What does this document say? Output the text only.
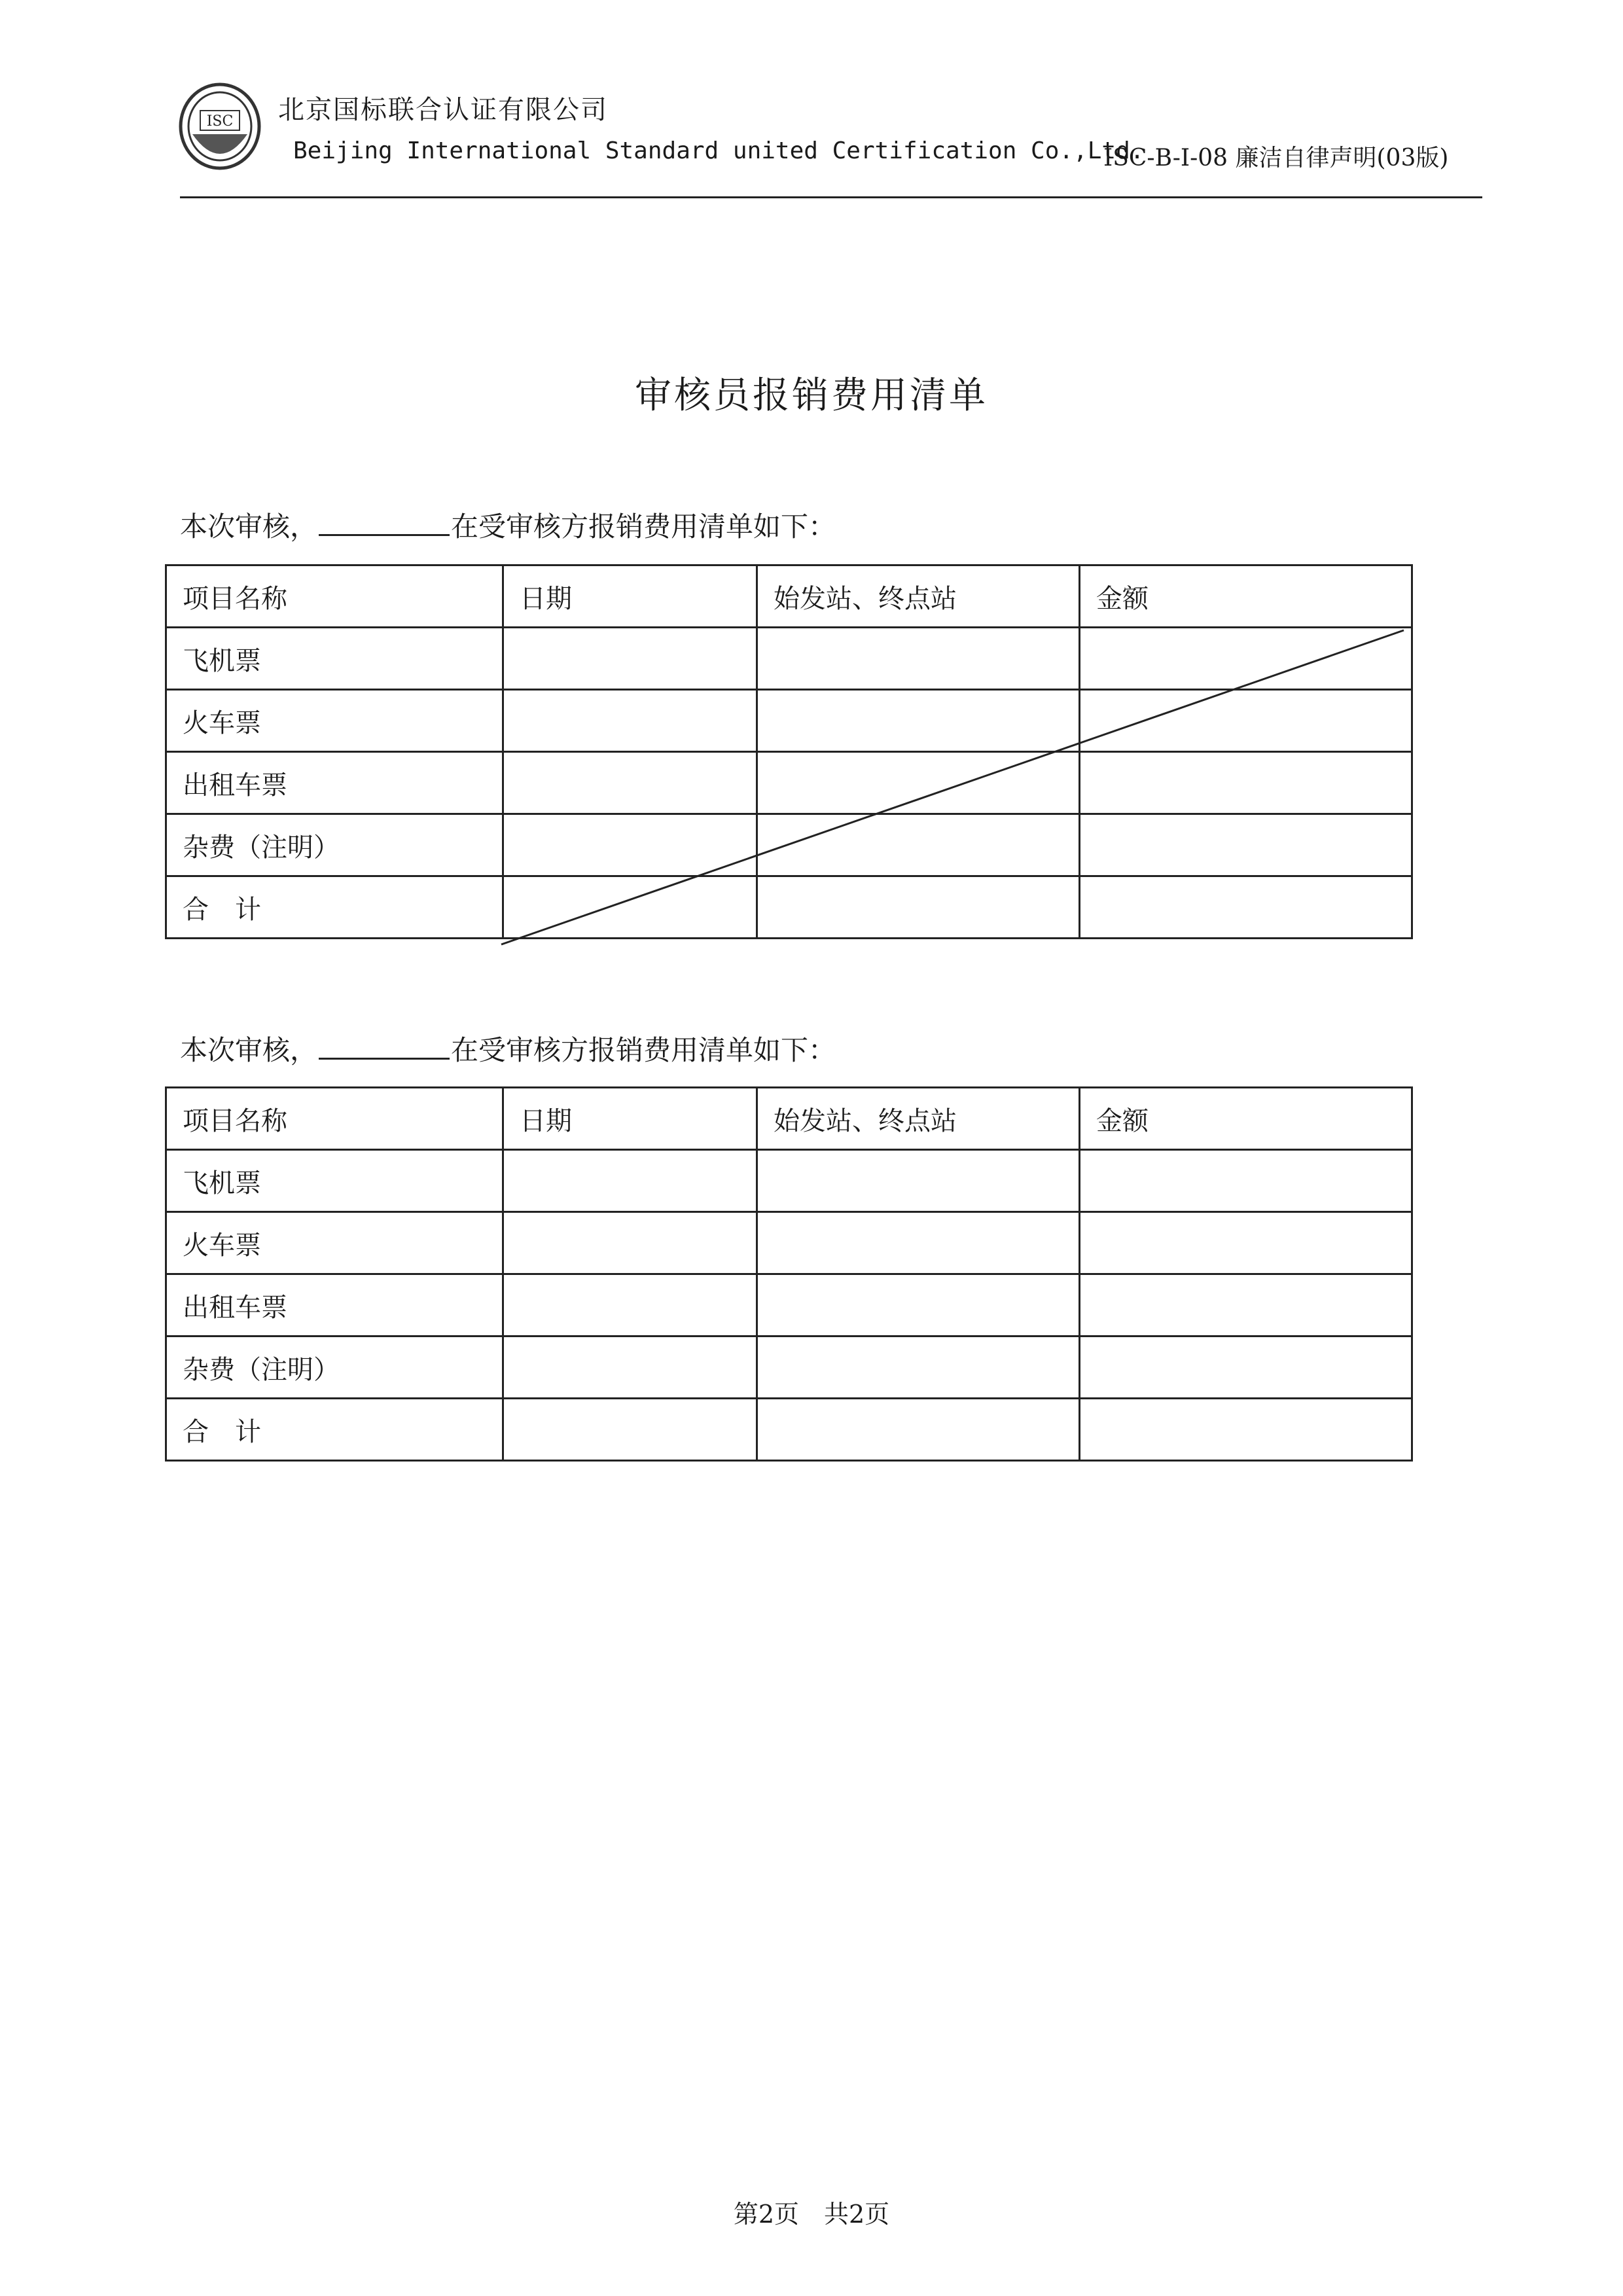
ISC 北京国标联合认证有限公司
Beijing International Standard united Certification Co.,Ltd.
ISC-B-I-08 廉洁自律声明(03版)
审核员报销费用清单
本次审核，	在受审核方报销费用清单如下：
项目名称	日期	始发站、终点站	金额
飞机票			
火车票			
出租车票			
杂费（注明）			
合　计			
本次审核，	在受审核方报销费用清单如下：
项目名称	日期	始发站、终点站	金额
飞机票			
火车票			
出租车票			
杂费（注明）			
合　计			
第2页　共2页
